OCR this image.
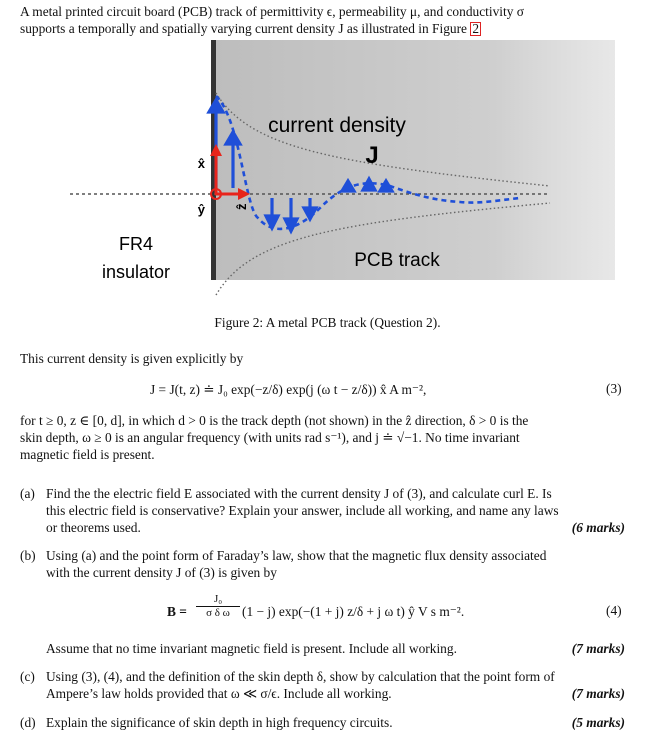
A metal printed circuit board (PCB) track of permittivity ϵ, permeability μ, and conductivity σ
supports a temporally and spatially varying current density J as illustrated in Figure 2
current density
J
FR4
insulator
PCB track
x̂
ŷ ẑ
Figure 2: A metal PCB track (Question 2).
This current density is given explicitly by
J = J(t, z) ≐ J₀ exp(−z/δ) exp(j (ω t − z/δ)) x̂ A m⁻²,	(3)
for t ≥ 0, z ∈ [0, d], in which d > 0 is the track depth (not shown) in the ẑ direction, δ > 0 is the
skin depth, ω ≥ 0 is an angular frequency (with units rad s⁻¹), and j ≐ √−1. No time invariant
magnetic field is present.
(a) Find the the electric field E associated with the current density J of (3), and calculate curl E. Is
this electric field is conservative? Explain your answer, include all working, and name any laws
or theorems used.	(6 marks)
(b) Using (a) and the point form of Faraday’s law, show that the magnetic flux density associated
with the current density J of (3) is given by
$B = \frac{\text{J₀}}{\text{σ δ ω}} (1 - j) \exp(-(1 + j) z/\delta + j$ ω t) ŷ V s m⁻².	(4)
Assume that no time invariant magnetic field is present. Include all working.	(7 marks)
(c) Using (3), (4), and the definition of the skin depth δ, show by calculation that the point form of
Ampere’s law holds provided that ω ≪ σ/ϵ. Include all working.	(7 marks)
(d) Explain the significance of skin depth in high frequency circuits.	(5 marks)
